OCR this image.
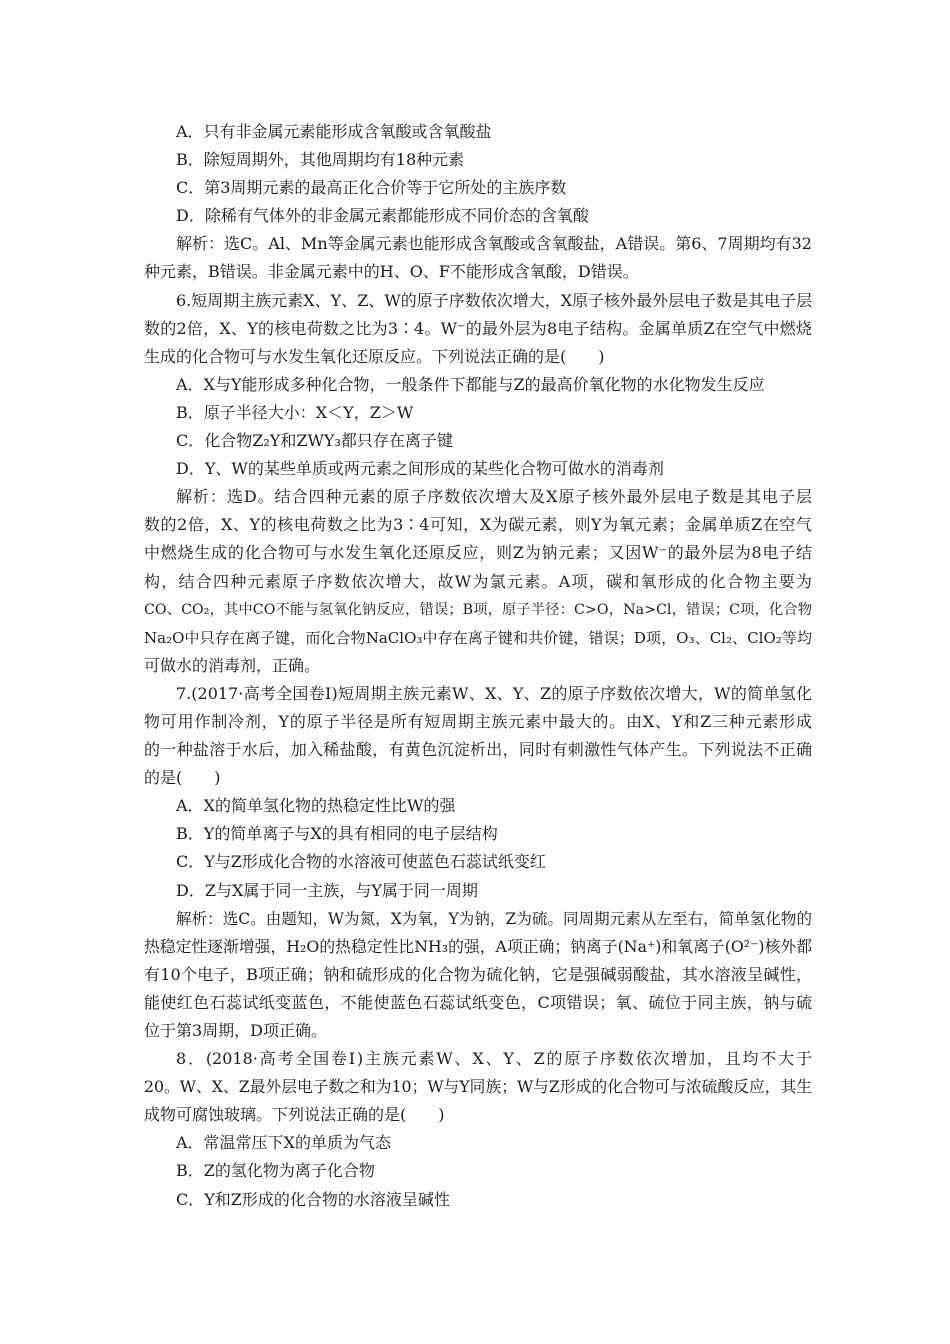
A．只有非金属元素能形成含氧酸或含氧酸盐
B．除短周期外，其他周期均有18种元素
C．第3周期元素的最高正化合价等于它所处的主族序数
D．除稀有气体外的非金属元素都能形成不同价态的含氧酸
解析：选C。Al、Mn等金属元素也能形成含氧酸或含氧酸盐，A错误。第6、7周期均有32
种元素，B错误。非金属元素中的H、O、F不能形成含氧酸，D错误。
6.短周期主族元素X、Y、Z、W的原子序数依次增大，X原子核外最外层电子数是其电子层
数的2倍，X、Y的核电荷数之比为3∶4。W⁻的最外层为8电子结构。金属单质Z在空气中燃烧
生成的化合物可与水发生氧化还原反应。下列说法正确的是(　　)
A．X与Y能形成多种化合物，一般条件下都能与Z的最高价氧化物的水化物发生反应
B．原子半径大小：X＜Y，Z＞W
C．化合物Z₂Y和ZWY₃都只存在离子键
D．Y、W的某些单质或两元素之间形成的某些化合物可做水的消毒剂
解析：选D。结合四种元素的原子序数依次增大及X原子核外最外层电子数是其电子层
数的2倍，X、Y的核电荷数之比为3∶4可知，X为碳元素，则Y为氧元素；金属单质Z在空气
中燃烧生成的化合物可与水发生氧化还原反应，则Z为钠元素；又因W⁻的最外层为8电子结
构，结合四种元素原子序数依次增大，故W为氯元素。A项，碳和氧形成的化合物主要为
CO、CO₂，其中CO不能与氢氧化钠反应，错误；B项，原子半径：C>O，Na>Cl，错误；C项，化合物
Na₂O中只存在离子键，而化合物NaClO₃中存在离子键和共价键，错误；D项，O₃、Cl₂、ClO₂等均
可做水的消毒剂，正确。
7.(2017·高考全国卷Ⅰ)短周期主族元素W、X、Y、Z的原子序数依次增大，W的简单氢化
物可用作制冷剂，Y的原子半径是所有短周期主族元素中最大的。由X、Y和Z三种元素形成
的一种盐溶于水后，加入稀盐酸，有黄色沉淀析出，同时有刺激性气体产生。下列说法不正确
的是(　　)
A．X的简单氢化物的热稳定性比W的强
B．Y的简单离子与X的具有相同的电子层结构
C．Y与Z形成化合物的水溶液可使蓝色石蕊试纸变红
D．Z与X属于同一主族，与Y属于同一周期
解析：选C。由题知，W为氮，X为氧，Y为钠，Z为硫。同周期元素从左至右，简单氢化物的
热稳定性逐渐增强，H₂O的热稳定性比NH₃的强，A项正确；钠离子(Na⁺)和氧离子(O²⁻)核外都
有10个电子，B项正确；钠和硫形成的化合物为硫化钠，它是强碱弱酸盐，其水溶液呈碱性，
能使红色石蕊试纸变蓝色，不能使蓝色石蕊试纸变色，C项错误；氧、硫位于同主族，钠与硫
位于第3周期，D项正确。
8．(2018·高考全国卷Ⅰ)主族元素W、X、Y、Z的原子序数依次增加，且均不大于
20。W、X、Z最外层电子数之和为10；W与Y同族；W与Z形成的化合物可与浓硫酸反应，其生
成物可腐蚀玻璃。下列说法正确的是(　　)
A．常温常压下X的单质为气态
B．Z的氢化物为离子化合物
C．Y和Z形成的化合物的水溶液呈碱性
